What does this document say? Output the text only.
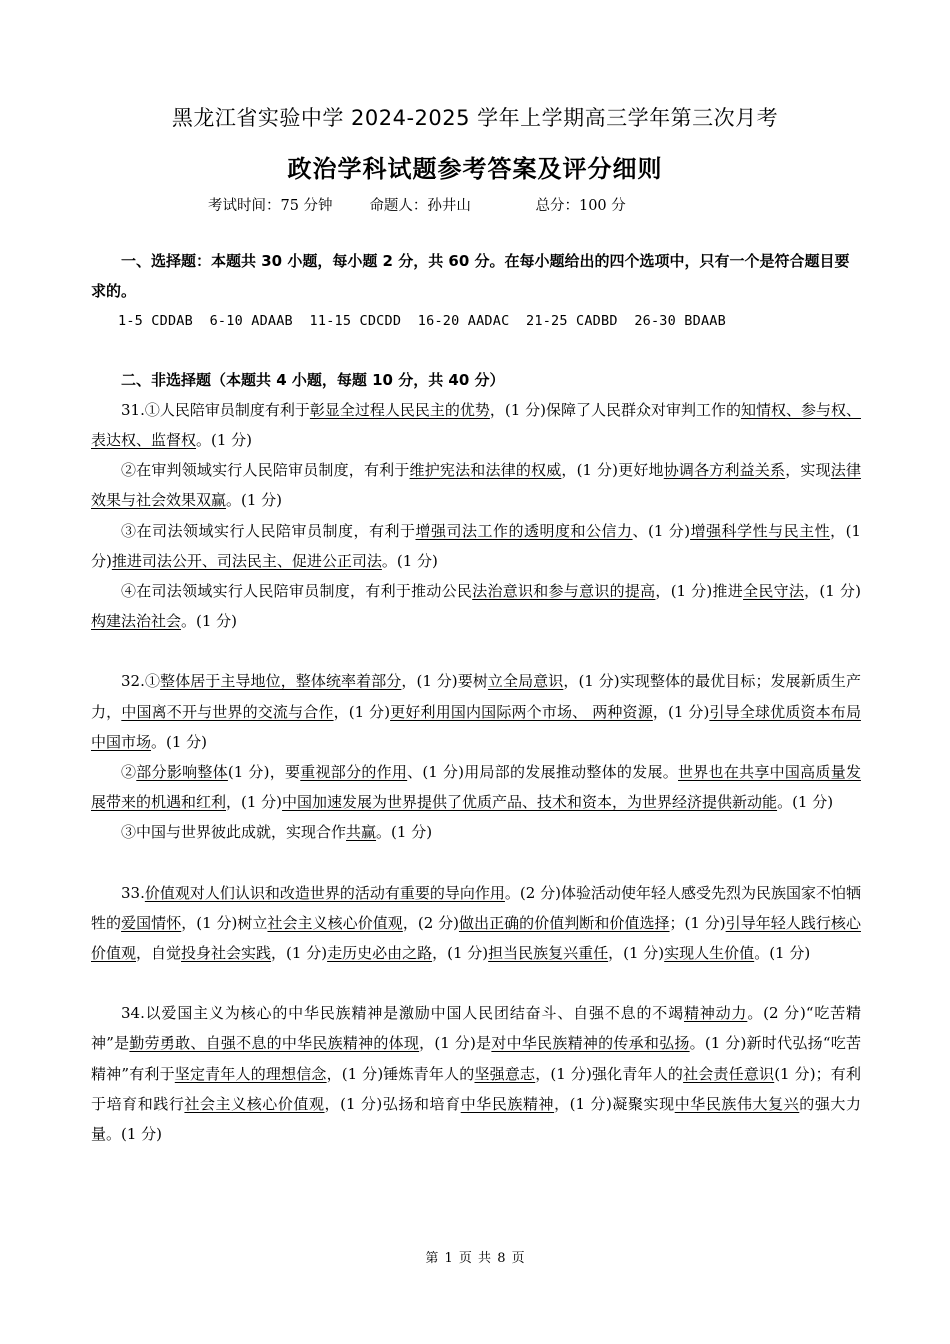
黑龙江省实验中学 2024-2025 学年上学期高三学年第三次月考
政治学科试题参考答案及评分细则
考试时间：75 分钟	命题人：孙井山	总分：100 分
一、选择题：本题共 30 小题，每小题 2 分，共 60 分。在每小题给出的四个选项中，只有一个是符合题目要求的。
1-5 CDDAB  6-10 ADAAB  11-15 CDCDD  16-20 AADAC  21-25 CADBD  26-30 BDAAB
二、非选择题（本题共 4 小题，每题 10 分，共 40 分）
31.①人民陪审员制度有利于彰显全过程人民民主的优势，(1 分)保障了人民群众对审判工作的知情权、参与权、表达权、监督权。(1 分)
②在审判领域实行人民陪审员制度，有利于维护宪法和法律的权威，(1 分)更好地协调各方利益关系，实现法律效果与社会效果双赢。(1 分)
③在司法领域实行人民陪审员制度，有利于增强司法工作的透明度和公信力、(1 分)增强科学性与民主性，(1 分)推进司法公开、司法民主、促进公正司法。(1 分)
④在司法领域实行人民陪审员制度，有利于推动公民法治意识和参与意识的提高，(1 分)推进全民守法，(1 分)构建法治社会。(1 分)
32.①整体居于主导地位，整体统率着部分，(1 分)要树立全局意识，(1 分)实现整体的最优目标；发展新质生产力，中国离不开与世界的交流与合作，(1 分)更好利用国内国际两个市场、 两种资源，(1 分)引导全球优质资本布局中国市场。(1 分)
②部分影响整体(1 分)，要重视部分的作用、(1 分)用局部的发展推动整体的发展。世界也在共享中国高质量发展带来的机遇和红利，(1 分)中国加速发展为世界提供了优质产品、技术和资本，为世界经济提供新动能。(1 分)
③中国与世界彼此成就，实现合作共赢。(1 分)
33.价值观对人们认识和改造世界的活动有重要的导向作用。(2 分)体验活动使年轻人感受先烈为民族国家不怕牺牲的爱国情怀，(1 分)树立社会主义核心价值观，(2 分)做出正确的价值判断和价值选择；(1 分)引导年轻人践行核心价值观，自觉投身社会实践，(1 分)走历史必由之路，(1 分)担当民族复兴重任，(1 分)实现人生价值。(1 分)
34.以爱国主义为核心的中华民族精神是激励中国人民团结奋斗、自强不息的不竭精神动力。(2 分)“吃苦精神”是勤劳勇敢、自强不息的中华民族精神的体现，(1 分)是对中华民族精神的传承和弘扬。(1 分)新时代弘扬“吃苦精神”有利于坚定青年人的理想信念，(1 分)锤炼青年人的坚强意志，(1 分)强化青年人的社会责任意识(1 分)；有利于培育和践行社会主义核心价值观，(1 分)弘扬和培育中华民族精神，(1 分)凝聚实现中华民族伟大复兴的强大力量。(1 分)
第 1 页 共 8 页
